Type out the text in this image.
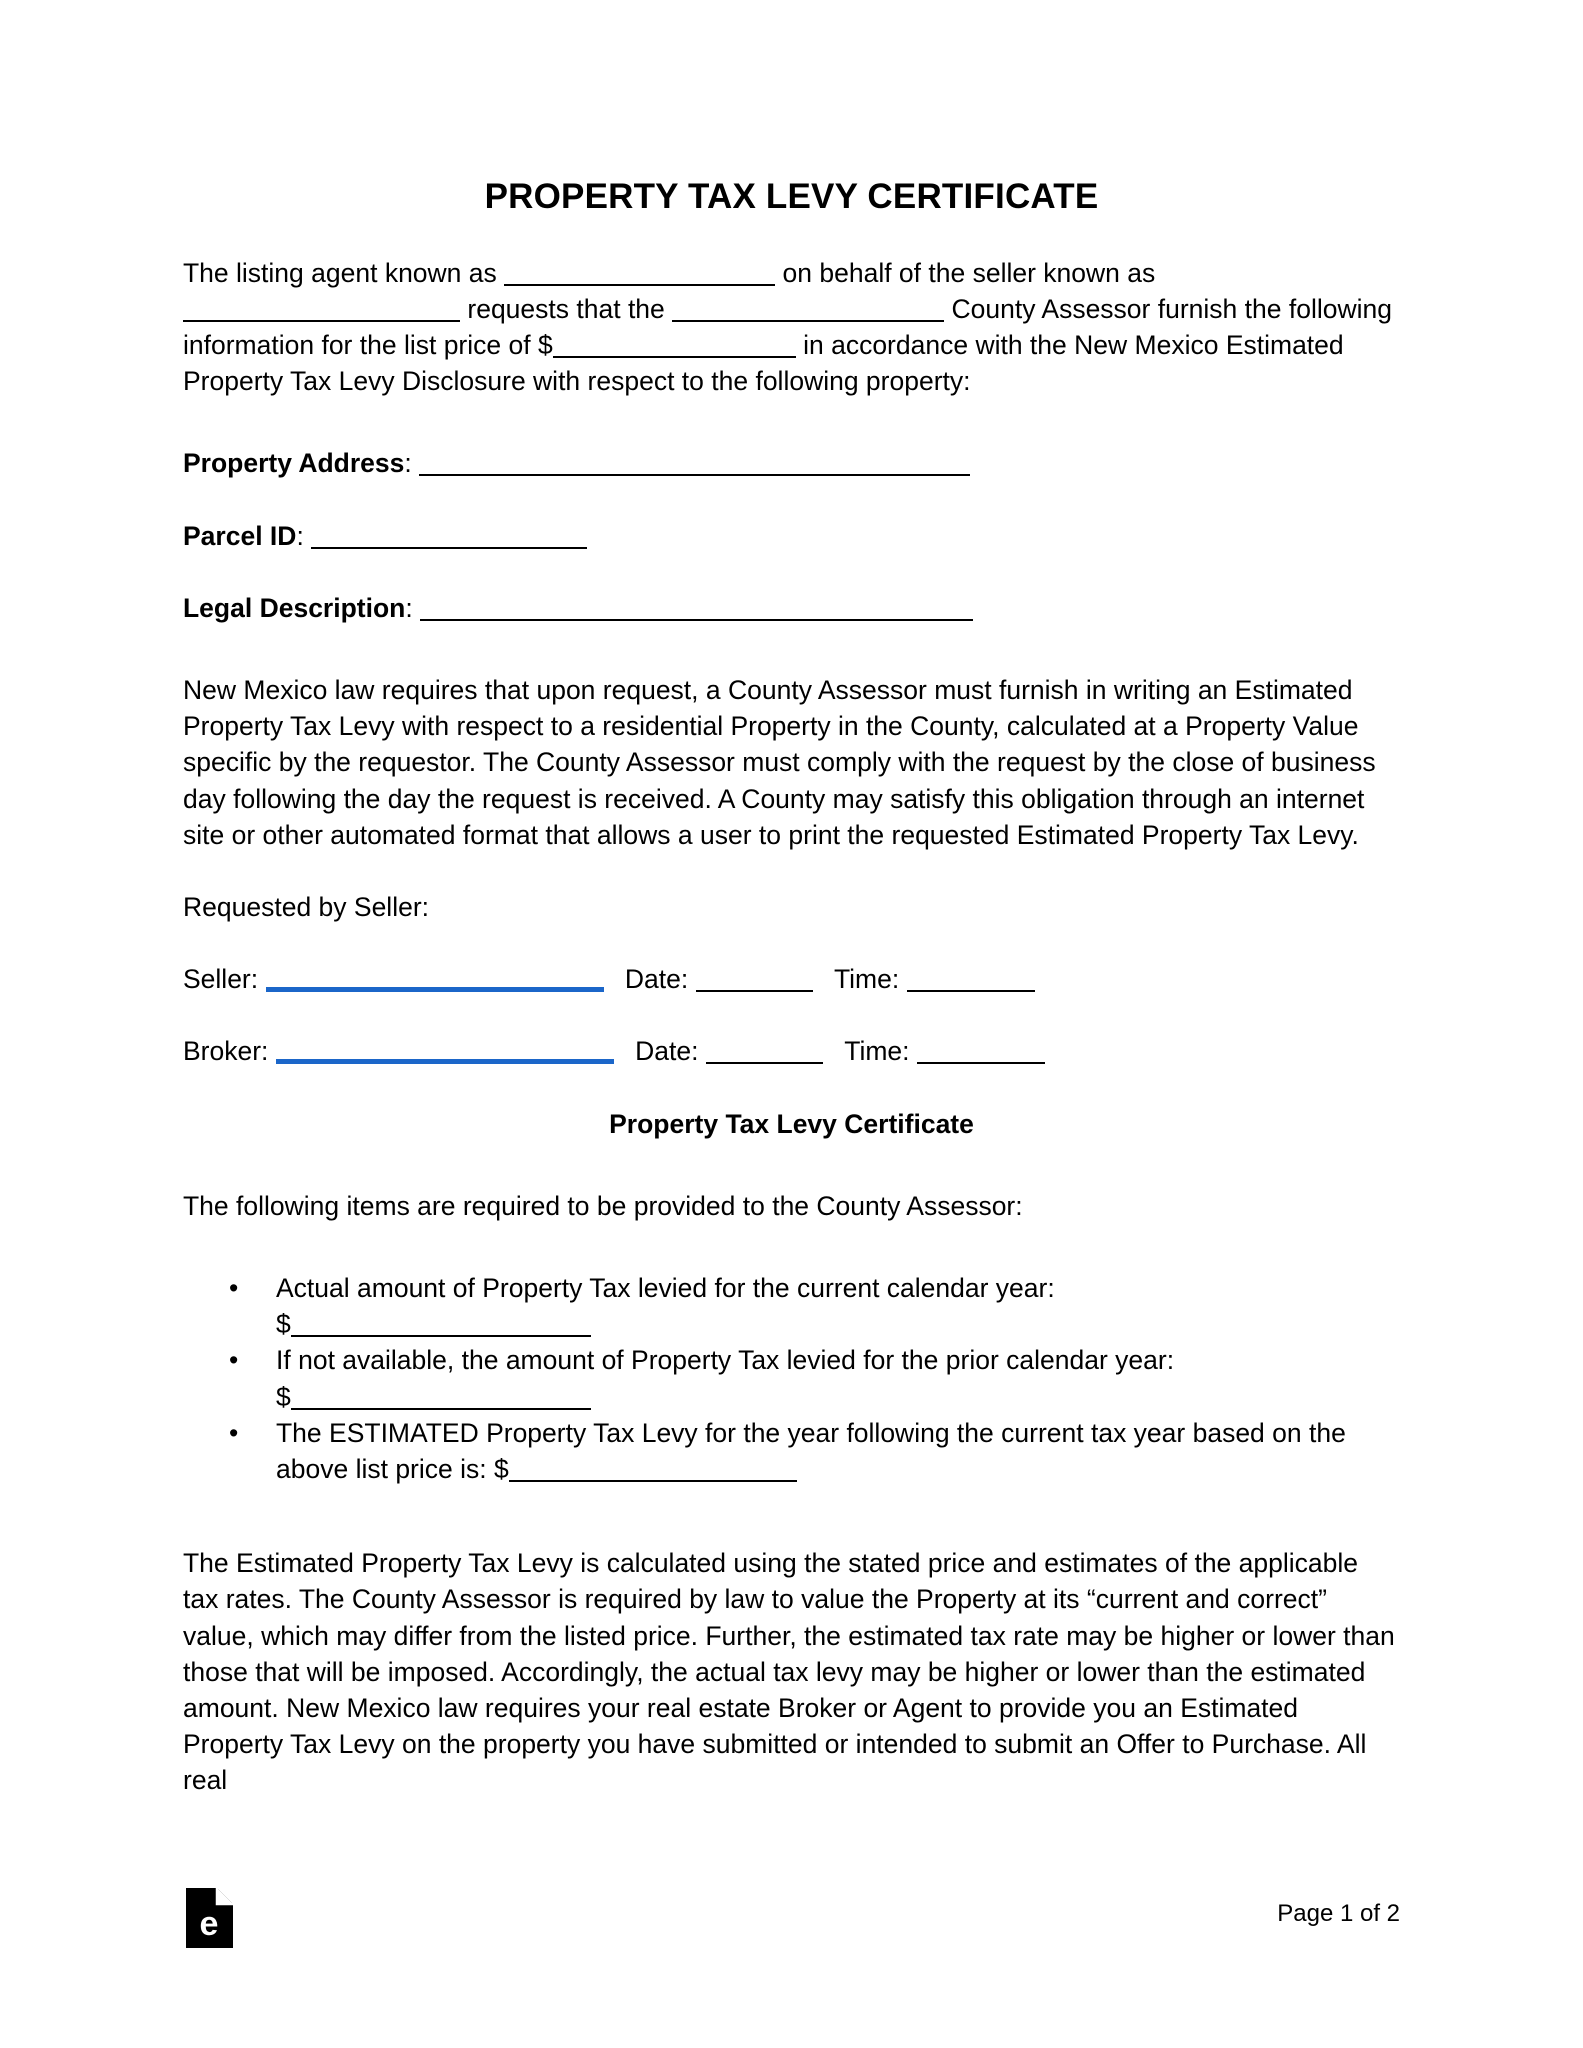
PROPERTY TAX LEVY CERTIFICATE
The listing agent known as	on behalf of the seller known as  requests that the	County Assessor furnish the following information for the list price of $	in accordance with the New Mexico Estimated Property Tax Levy Disclosure with respect to the following property:
Property Address:
Parcel ID:
Legal Description:

New Mexico law requires that upon request, a County Assessor must furnish in writing an Estimated Property Tax Levy with respect to a residential Property in the County, calculated at a Property Value specific by the requestor. The County Assessor must comply with the request by the close of business day following the day the request is received. A County may satisfy this obligation through an internet site or other automated format that allows a user to print the requested Estimated Property Tax Levy.

Requested by Seller:

Seller:	Date:	Time:
Broker:	Date:	Time:

Property Tax Levy Certificate

The following items are required to be provided to the County Assessor:

• Actual amount of Property Tax levied for the current calendar year:
$
• If not available, the amount of Property Tax levied for the prior calendar year:
$
• The ESTIMATED Property Tax Levy for the year following the current tax year based on the above list price is: $

The Estimated Property Tax Levy is calculated using the stated price and estimates of the applicable tax rates. The County Assessor is required by law to value the Property at its “current and correct” value, which may differ from the listed price. Further, the estimated tax rate may be higher or lower than those that will be imposed. Accordingly, the actual tax levy may be higher or lower than the estimated amount. New Mexico law requires your real estate Broker or Agent to provide you an Estimated Property Tax Levy on the property you have submitted or intended to submit an Offer to Purchase. All real

e	Page 1 of 2
